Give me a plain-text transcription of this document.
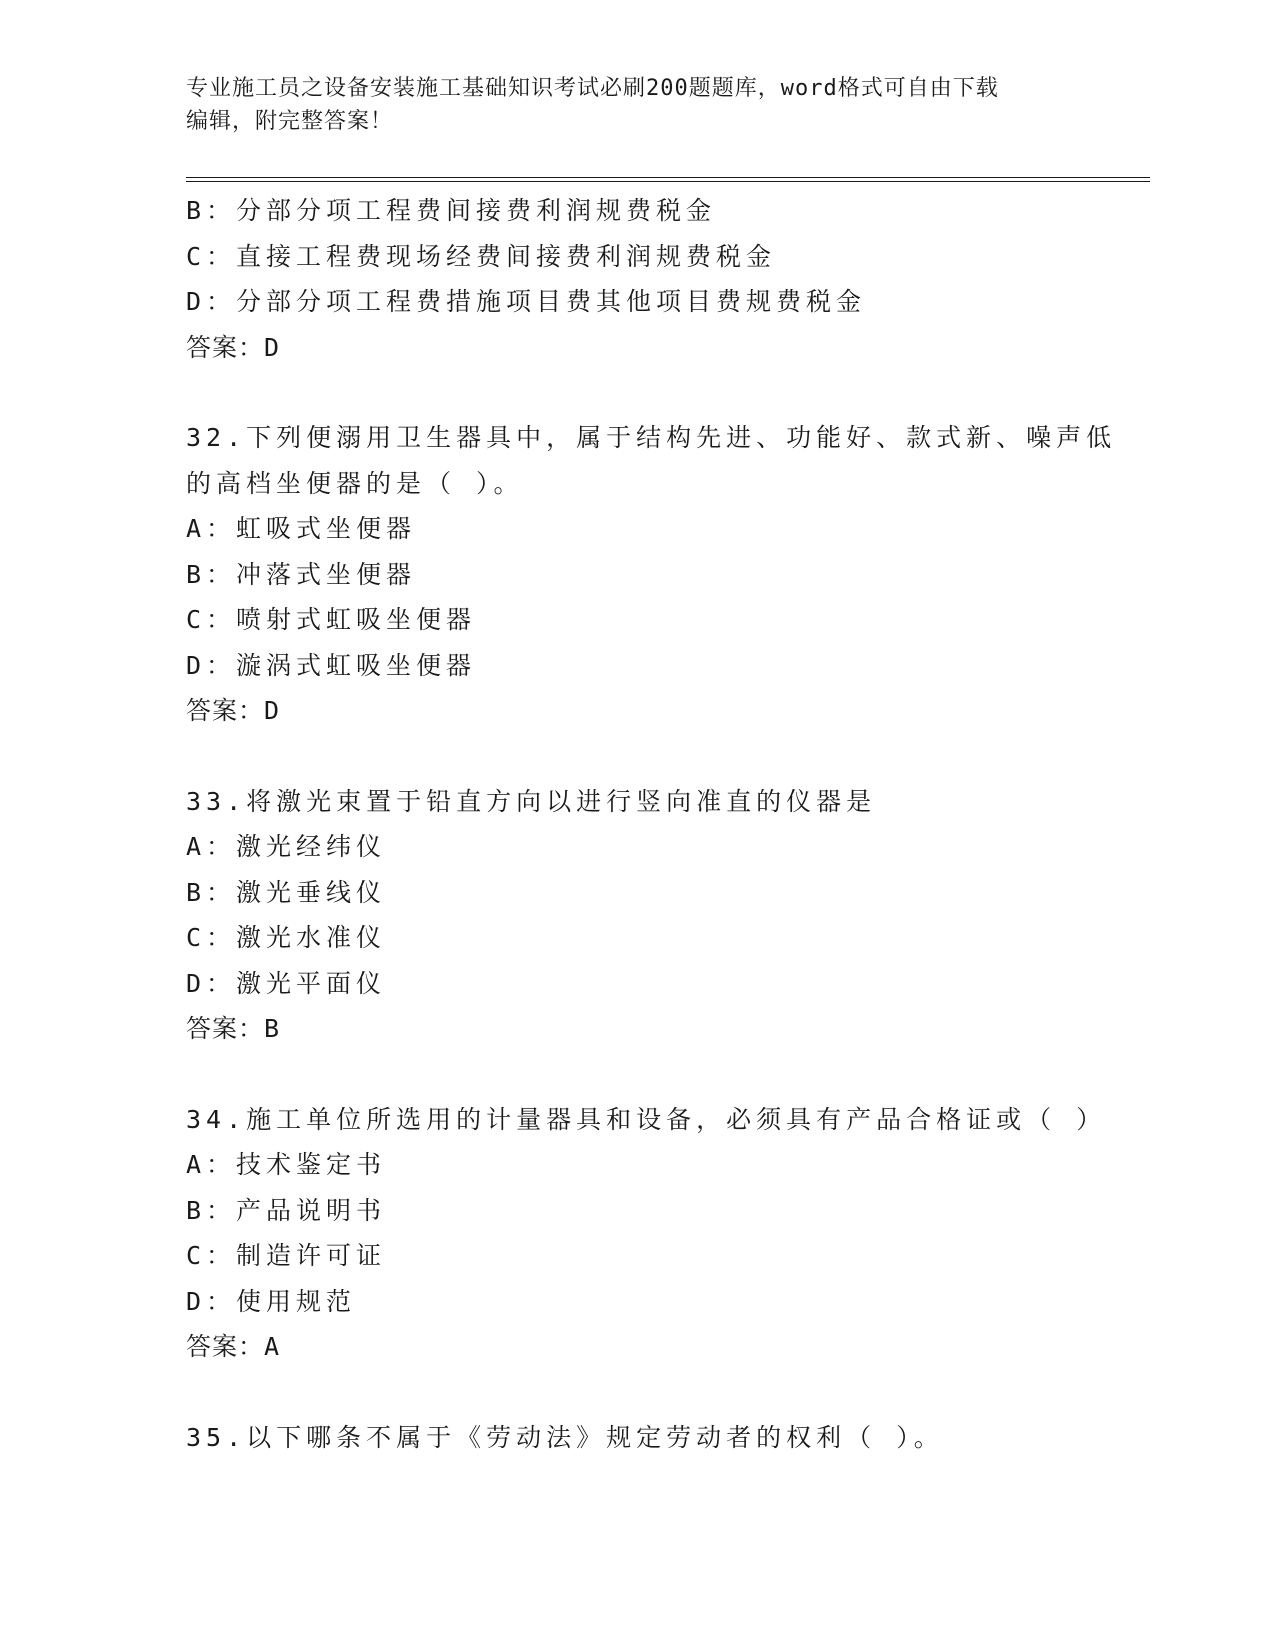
专业施工员之设备安装施工基础知识考试必刷200题题库，word格式可自由下载
编辑，附完整答案！
B：分部分项工程费间接费利润规费税金
C：直接工程费现场经费间接费利润规费税金
D：分部分项工程费措施项目费其他项目费规费税金
答案：D
32.下列便溺用卫生器具中，属于结构先进、功能好、款式新、噪声低
的高档坐便器的是（ ）。
A：虹吸式坐便器
B：冲落式坐便器
C：喷射式虹吸坐便器
D：漩涡式虹吸坐便器
答案：D
33.将激光束置于铅直方向以进行竖向准直的仪器是
A：激光经纬仪
B：激光垂线仪
C：激光水准仪
D：激光平面仪
答案：B
34.施工单位所选用的计量器具和设备，必须具有产品合格证或（ ）
A：技术鉴定书
B：产品说明书
C：制造许可证
D：使用规范
答案：A
35.以下哪条不属于《劳动法》规定劳动者的权利（ ）。
